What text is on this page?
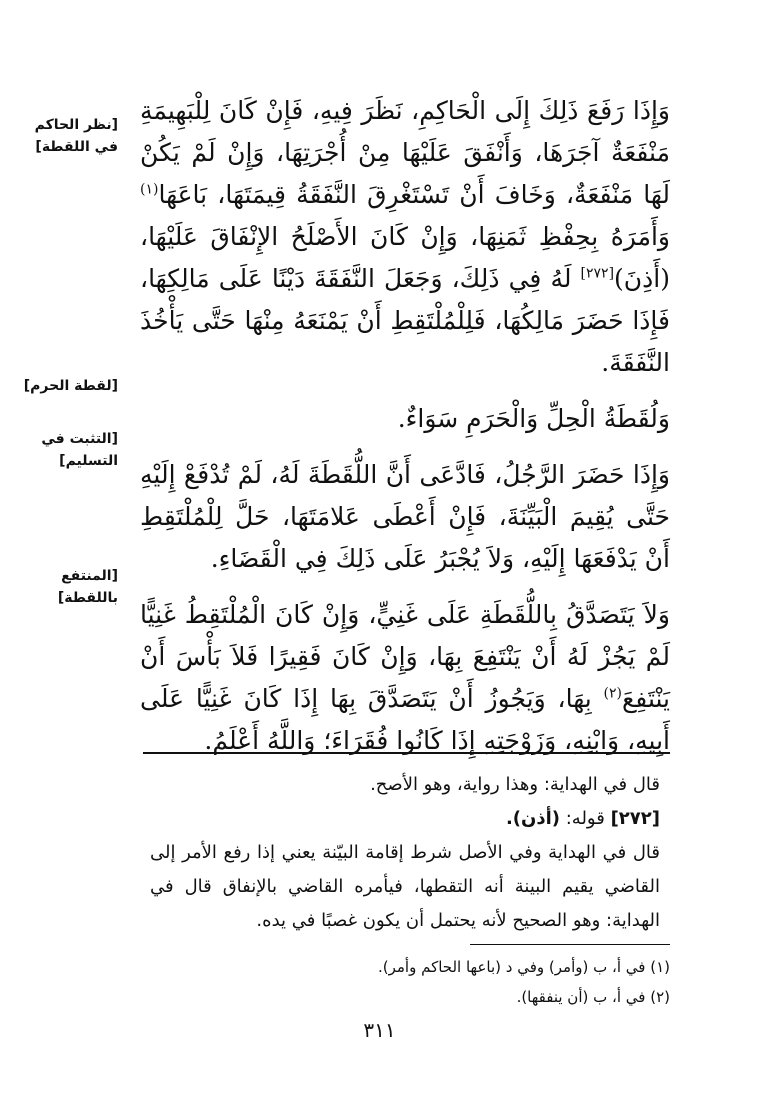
وَإِذَا رَفَعَ ذَلِكَ إِلَى الْحَاكِمِ، نَظَرَ فِيهِ، فَإِنْ كَانَ لِلْبَهِيمَةِ مَنْفَعَةٌ آجَرَهَا، وَأَنْفَقَ عَلَيْهَا مِنْ أُجْرَتِهَا، وَإِنْ لَمْ يَكُنْ لَهَا مَنْفَعَةٌ، وَخَافَ أَنْ تَسْتَغْرِقَ النَّفَقَةُ قِيمَتَهَا، بَاعَهَا$^{(١)}$ وَأَمَرَهُ بِحِفْظِ ثَمَنِهَا، وَإِنْ كَانَ الأَصْلَحُ الإِنْفَاقَ عَلَيْهَا، (أَذِنَ)[٢٧٢] لَهُ فِي ذَلِكَ، وَجَعَلَ النَّفَقَةَ دَيْنًا عَلَى مَالِكِهَا، فَإِذَا حَضَرَ مَالِكُهَا، فَلِلْمُلْتَقِطِ أَنْ يَمْنَعَهُ مِنْهَا حَتَّى يَأْخُذَ النَّفَقَةَ.

وَلُقَطَةُ الْحِلِّ وَالْحَرَمِ سَوَاءٌ.

وَإِذَا حَضَرَ الرَّجُلُ، فَادَّعَى أَنَّ اللُّقَطَةَ لَهُ، لَمْ تُدْفَعْ إِلَيْهِ حَتَّى يُقِيمَ الْبَيِّنَةَ، فَإِنْ أَعْطَى عَلامَتَهَا، حَلَّ لِلْمُلْتَقِطِ أَنْ يَدْفَعَهَا إِلَيْهِ، وَلاَ يُجْبَرُ عَلَى ذَلِكَ فِي الْقَضَاءِ.

وَلاَ يَتَصَدَّقُ بِاللُّقَطَةِ عَلَى غَنِيٍّ، وَإِنْ كَانَ الْمُلْتَقِطُ غَنِيًّا لَمْ يَجُزْ لَهُ أَنْ يَنْتَفِعَ بِهَا، وَإِنْ كَانَ فَقِيرًا فَلاَ بَأْسَ أَنْ يَنْتَفِعَ$^{(٢)}$ بِهَا، وَيَجُوزُ أَنْ يَتَصَدَّقَ بِهَا إِذَا كَانَ غَنِيًّا عَلَى أَبِيهِ، وَابْنِهِ، وَزَوْجَتِهِ إِذَا كَانُوا فُقَرَاءَ؛ وَاللَّهُ أَعْلَمُ.

[نظر الحاكم في اللقطة]
[لقطة الحرم]
[التثبت في التسليم]
[المنتفع باللقطة]

قال في الهداية: وهذا رواية، وهو الأصح.

[٢٧٢] قوله: (أذن).

قال في الهداية وفي الأصل شرط إقامة البيّنة يعني إذا رفع الأمر إلى القاضي يقيم البينة أنه التقطها، فيأمره القاضي بالإنفاق قال في الهداية: وهو الصحيح لأنه يحتمل أن يكون غصبًا في يده.

(١) في أ، ب (وأمر) وفي د (باعها الحاكم وأمر).

(٢) في أ، ب (أن ينفقها).

٣١١
